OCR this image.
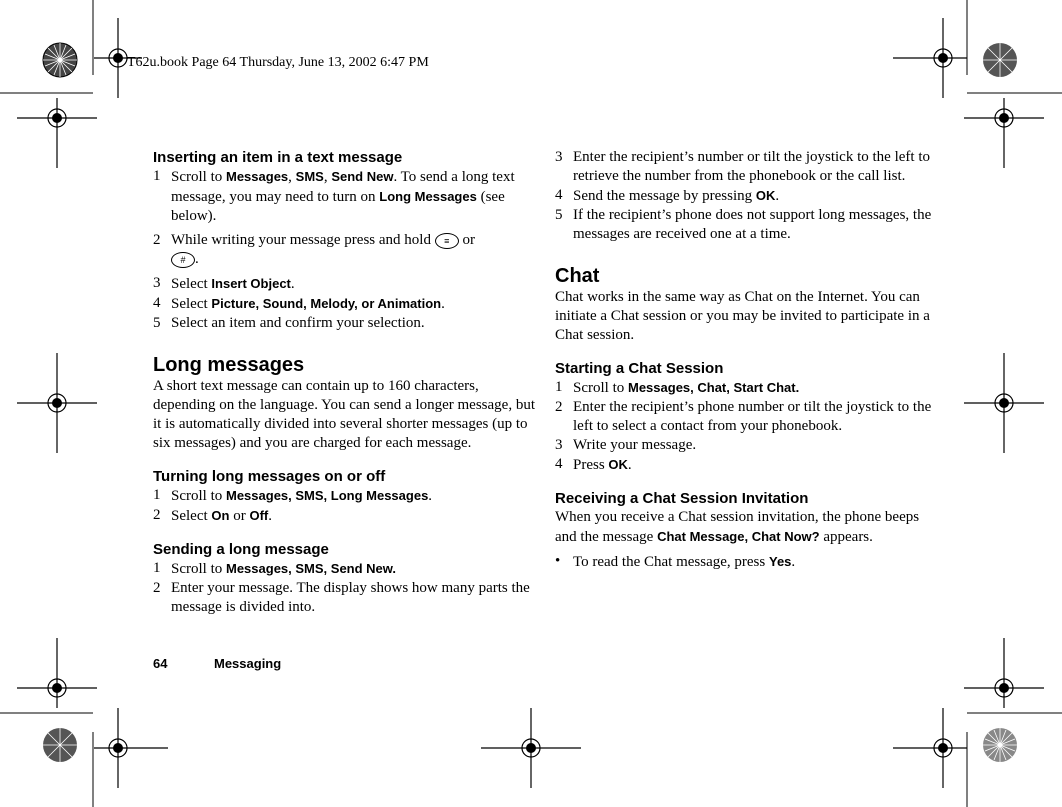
T62u.book Page 64 Thursday, June 13, 2002 6:47 PM
Inserting an item in a text message
1 Scroll to Messages, SMS, Send New. To send a long text message, you may need to turn on Long Messages (see below).
2 While writing your message press and hold ≡ or
# .
3 Select Insert Object.
4 Select Picture, Sound, Melody, or Animation.
5 Select an item and confirm your selection.
Long messages

A short text message can contain up to 160 characters, depending on the language. You can send a longer message, but it is automatically divided into several shorter messages (up to six messages) and you are charged for each message.

Turning long messages on or off
1 Scroll to Messages, SMS, Long Messages.
2 Select On or Off.
Sending a long message
1 Scroll to Messages, SMS, Send New.
2 Enter your message. The display shows how many parts the message is divided into.
3 Enter the recipient’s number or tilt the joystick to the left to retrieve the number from the phonebook or the call list.
4 Send the message by pressing OK.
5 If the recipient’s phone does not support long messages, the messages are received one at a time.
Chat

Chat works in the same way as Chat on the Internet. You can initiate a Chat session or you may be invited to participate in a Chat session.

Starting a Chat Session
1 Scroll to Messages, Chat, Start Chat.
2 Enter the recipient’s phone number or tilt the joystick to the left to select a contact from your phonebook.
3 Write your message.
4 Press OK.
Receiving a Chat Session Invitation

When you receive a Chat session invitation, the phone beeps and the message Chat Message, Chat Now? appears.

• To read the Chat message, press Yes.
64	Messaging
